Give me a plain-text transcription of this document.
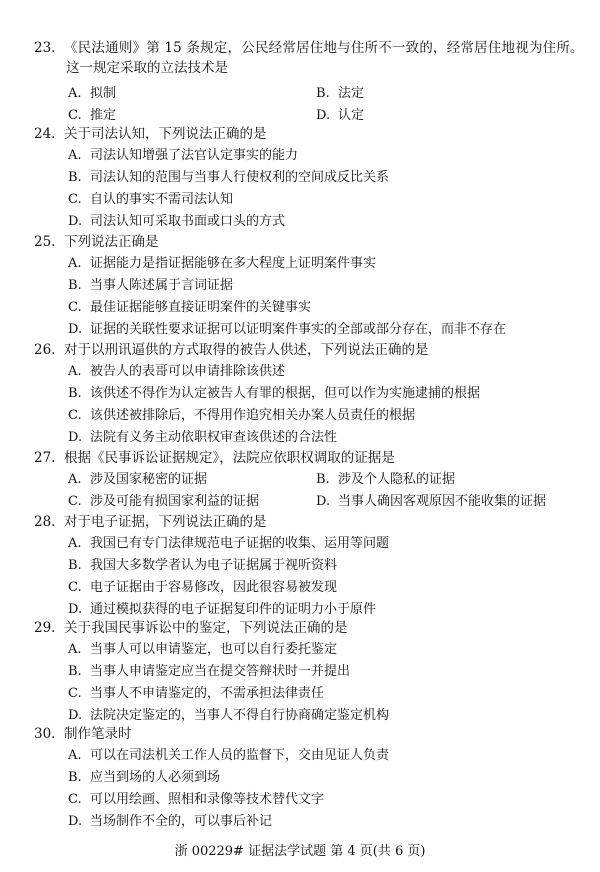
23. 《民法通则》第 15 条规定，公民经常居住地与住所不一致的，经常居住地视为住所。
这一规定采取的立法技术是
A. 拟制	B. 法定
C. 推定	D. 认定
24. 关于司法认知，下列说法正确的是
A. 司法认知增强了法官认定事实的能力
B. 司法认知的范围与当事人行使权利的空间成反比关系
C. 自认的事实不需司法认知
D. 司法认知可采取书面或口头的方式
25. 下列说法正确是
A. 证据能力是指证据能够在多大程度上证明案件事实
B. 当事人陈述属于言词证据
C. 最佳证据能够直接证明案件的关键事实
D. 证据的关联性要求证据可以证明案件事实的全部或部分存在，而非不存在
26. 对于以刑讯逼供的方式取得的被告人供述，下列说法正确的是
A. 被告人的表哥可以申请排除该供述
B. 该供述不得作为认定被告人有罪的根据，但可以作为实施逮捕的根据
C. 该供述被排除后，不得用作追究相关办案人员责任的根据
D. 法院有义务主动依职权审查该供述的合法性
27. 根据《民事诉讼证据规定》，法院应依职权调取的证据是
A. 涉及国家秘密的证据	B. 涉及个人隐私的证据
C. 涉及可能有损国家利益的证据	D. 当事人确因客观原因不能收集的证据
28. 对于电子证据，下列说法正确的是
A. 我国已有专门法律规范电子证据的收集、运用等问题
B. 我国大多数学者认为电子证据属于视听资料
C. 电子证据由于容易修改，因此很容易被发现
D. 通过模拟获得的电子证据复印件的证明力小于原件
29. 关于我国民事诉讼中的鉴定，下列说法正确的是
A. 当事人可以申请鉴定，也可以自行委托鉴定
B. 当事人申请鉴定应当在提交答辩状时一并提出
C. 当事人不申请鉴定的，不需承担法律责任
D. 法院决定鉴定的，当事人不得自行协商确定鉴定机构
30. 制作笔录时
A. 可以在司法机关工作人员的监督下，交由见证人负责
B. 应当到场的人必须到场
C. 可以用绘画、照相和录像等技术替代文字
D. 当场制作不全的，可以事后补记
浙 00229# 证据法学试题 第 4 页(共 6 页)
